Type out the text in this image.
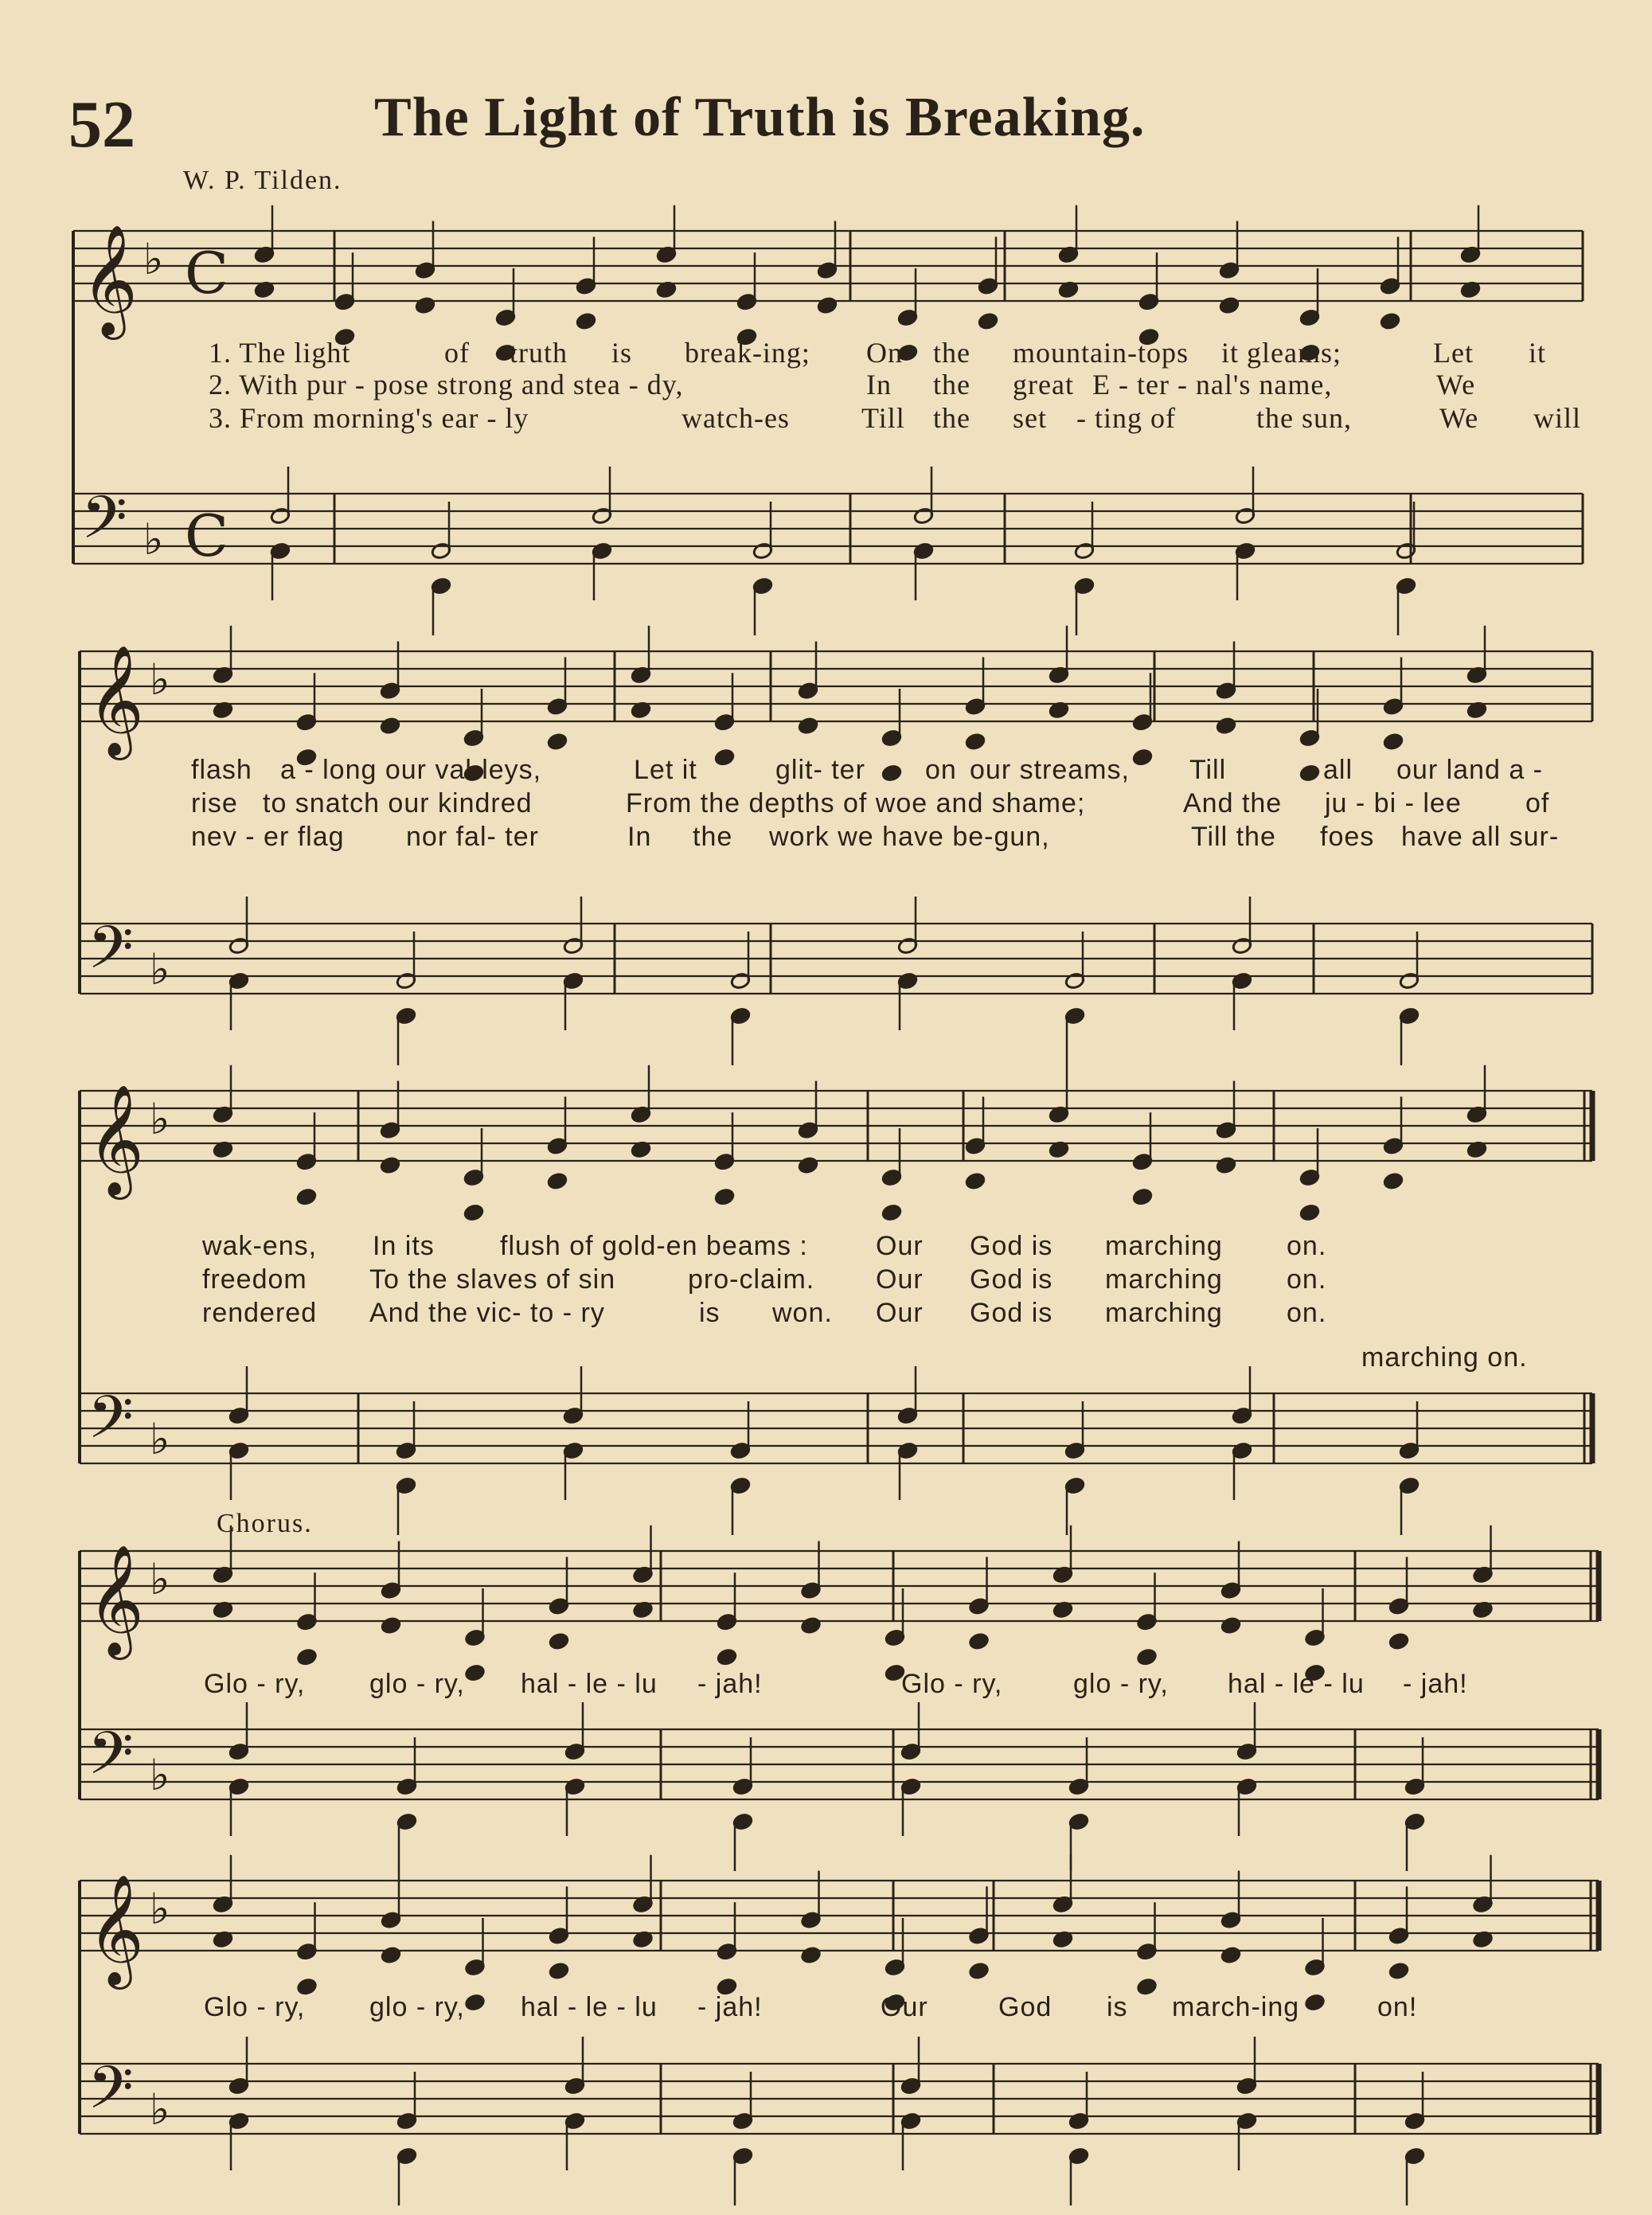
52	The Light of Truth is Breaking.
W. P. Tilden.
Chorus.
𝄞
𝄢
♭
♭
C
C
𝄞
𝄢
♭
♭
𝄞
𝄢
♭
♭
𝄞
𝄢
♭
♭
𝄞
𝄢
♭
♭
1. The light	of truth is break-ing; On the mountain-tops it gleams;	Let it
2. With pur - pose strong and stea - dy,	In the great E - ter - nal's name,	We
3. From morning's ear - ly	watch-es	Till the set - ting of	the sun,	We will
flash a - long our val-leys,	Let it	glit- ter on our streams, Till	all our land a -
rise to snatch our kindred	From the depths of woe and shame;	And the ju - bi - lee of
nev - er flag nor fal- ter	In the work we have be-gun,	Till the foes have all sur-
wak-ens, In its flush of gold-en beams :	Our God is marching on.
freedom To the slaves of sin	pro-claim. Our God is marching on.
rendered And the vic- to - ry	is won. Our God is marching on.
marching on.
Glo - ry, glo - ry, hal - le - lu - jah!	Glo - ry,	glo - ry, hal - le - lu - jah!
Glo - ry, glo - ry, hal - le - lu - jah!	Our	God is march-ing	on!
